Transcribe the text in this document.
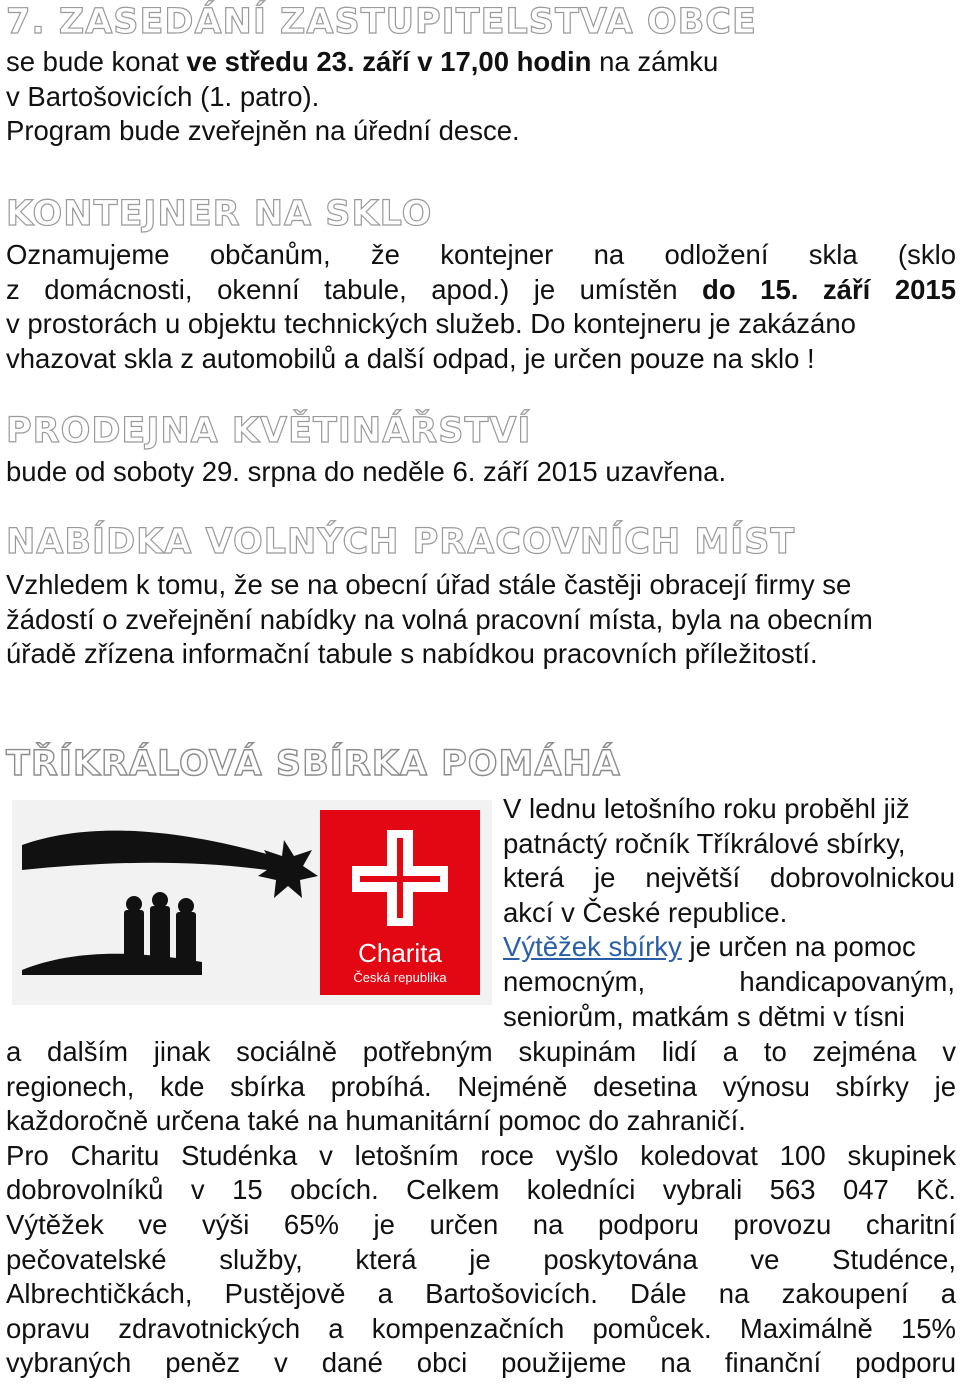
7. ZASEDÁNÍ ZASTUPITELSTVA OBCE

se bude konat ve středu 23. září v 17,00 hodin na zámku
v Bartošovicích (1. patro).
Program bude zveřejněn na úřední desce.

KONTEJNER NA SKLO

Oznamujeme občanům, že kontejner na odložení skla (sklo
z domácnosti, okenní tabule, apod.) je umístěn do 15. září 2015
v prostorách u objektu technických služeb. Do kontejneru je zakázáno
vhazovat skla z automobilů a další odpad, je určen pouze na sklo !

PRODEJNA KVĚTINÁŘSTVÍ

bude od soboty 29. srpna do neděle 6. září 2015 uzavřena.

NABÍDKA VOLNÝCH PRACOVNÍCH MÍST

Vzhledem k tomu, že se na obecní úřad stále častěji obracejí firmy se
žádostí o zveřejnění nabídky na volná pracovní místa, byla na obecním
úřadě zřízena informační tabule s nabídkou pracovních příležitostí.

TŘÍKRÁLOVÁ SBÍRKA POMÁHÁ
Charita
Česká republika

V lednu letošního roku proběhl již
patnáctý ročník Tříkrálové sbírky,
která je největší dobrovolnickou
akcí v České republice.
Výtěžek sbírky je určen na pomoc
nemocným, handicapovaným,
seniorům, matkám s dětmi v tísni

a dalším jinak sociálně potřebným skupinám lidí a to zejména v
regionech, kde sbírka probíhá. Nejméně desetina výnosu sbírky je
každoročně určena také na humanitární pomoc do zahraničí.
Pro Charitu Studénka v letošním roce vyšlo koledovat 100 skupinek
dobrovolníků v 15 obcích. Celkem koledníci vybrali 563 047 Kč.
Výtěžek ve výši 65% je určen na podporu provozu charitní
pečovatelské služby, která je poskytována ve Studénce,
Albrechtičkách, Pustějově a Bartošovicích. Dále na zakoupení a
opravu zdravotnických a kompenzačních pomůcek. Maximálně 15%
vybraných peněz v dané obci použijeme na finanční podporu
